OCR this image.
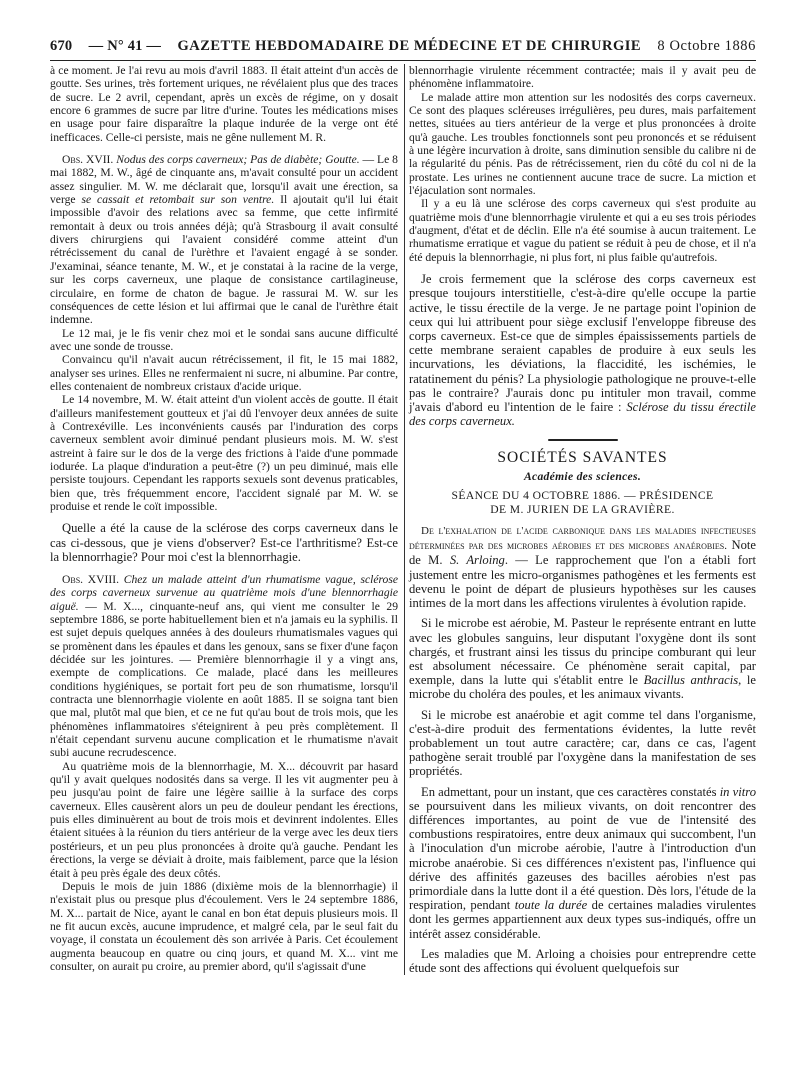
670 — N° 41 — GAZETTE HEBDOMADAIRE DE MÉDECINE ET DE CHIRURGIE 8 Octobre 1886

à ce moment. Je l'ai revu au mois d'avril 1883. Il était atteint d'un accès de goutte. Ses urines, très fortement uriques, ne révélaient plus que des traces de sucre. Le 2 avril, cependant, après un excès de régime, on y dosait encore 6 grammes de sucre par litre d'urine. Toutes les médications mises en usage pour faire disparaître la plaque indurée de la verge ont été inefficaces. Celle-ci persiste, mais ne gêne nullement M. R.

Obs. XVII. Nodus des corps caverneux; Pas de diabète; Goutte. — Le 8 mai 1882, M. W., âgé de cinquante ans, m'avait consulté pour un accident assez singulier. M. W. me déclarait que, lorsqu'il avait une érection, sa verge se cassait et retombait sur son ventre. Il ajoutait qu'il lui était impossible d'avoir des relations avec sa femme, que cette infirmité remontait à deux ou trois années déjà; qu'à Strasbourg il avait consulté divers chirurgiens qui l'avaient considéré comme atteint d'un rétrécissement du canal de l'urèthre et l'avaient engagé à se sonder. J'examinai, séance tenante, M. W., et je constatai à la racine de la verge, sur les corps caverneux, une plaque de consistance cartilagineuse, circulaire, en forme de chaton de bague. Je rassurai M. W. sur les conséquences de cette lésion et lui affirmai que le canal de l'urèthre était indemne.

Le 12 mai, je le fis venir chez moi et le sondai sans aucune difficulté avec une sonde de trousse.

Convaincu qu'il n'avait aucun rétrécissement, il fit, le 15 mai 1882, analyser ses urines. Elles ne renfermaient ni sucre, ni albumine. Par contre, elles contenaient de nombreux cristaux d'acide urique.

Le 14 novembre, M. W. était atteint d'un violent accès de goutte. Il était d'ailleurs manifestement goutteux et j'ai dû l'envoyer deux années de suite à Contrexéville. Les inconvénients causés par l'induration des corps caverneux semblent avoir diminué pendant plusieurs mois. M. W. s'est astreint à faire sur le dos de la verge des frictions à l'aide d'une pommade iodurée. La plaque d'induration a peut-être (?) un peu diminué, mais elle persiste toujours. Cependant les rapports sexuels sont devenus praticables, bien que, très fréquemment encore, l'accident signalé par M. W. se produise et rende le coït impossible.

Quelle a été la cause de la sclérose des corps caverneux dans le cas ci-dessous, que je viens d'observer? Est-ce l'arthritisme? Est-ce la blennorrhagie? Pour moi c'est la blennorrhagie.

Obs. XVIII. Chez un malade atteint d'un rhumatisme vague, sclérose des corps caverneux survenue au quatrième mois d'une blennorrhagie aiguë. — M. X..., cinquante-neuf ans, qui vient me consulter le 29 septembre 1886, se porte habituellement bien et n'a jamais eu la syphilis. Il est sujet depuis quelques années à des douleurs rhumatismales vagues qui se promènent dans les épaules et dans les genoux, sans se fixer d'une façon décidée sur les jointures. — Première blennorrhagie il y a vingt ans, exempte de complications. Ce malade, placé dans les meilleures conditions hygiéniques, se portait fort peu de son rhumatisme, lorsqu'il contracta une blennorrhagie violente en août 1885. Il se soigna tant bien que mal, plutôt mal que bien, et ce ne fut qu'au bout de trois mois, que les phénomènes inflammatoires s'éteignirent à peu près complètement. Il n'était cependant survenu aucune complication et le rhumatisme n'avait subi aucune recrudescence.

Au quatrième mois de la blennorrhagie, M. X... découvrit par hasard qu'il y avait quelques nodosités dans sa verge. Il les vit augmenter peu à peu jusqu'au point de faire une légère saillie à la surface des corps caverneux. Elles causèrent alors un peu de douleur pendant les érections, puis elles diminuèrent au bout de trois mois et devinrent indolentes. Elles étaient situées à la réunion du tiers antérieur de la verge avec les deux tiers postérieurs, et un peu plus prononcées à droite qu'à gauche. Pendant les érections, la verge se déviait à droite, mais faiblement, parce que la lésion était à peu près égale des deux côtés.

Depuis le mois de juin 1886 (dixième mois de la blennorrhagie) il n'existait plus ou presque plus d'écoulement. Vers le 24 septembre 1886, M. X... partait de Nice, ayant le canal en bon état depuis plusieurs mois. Il ne fit aucun excès, aucune imprudence, et malgré cela, par le seul fait du voyage, il constata un écoulement dès son arrivée à Paris. Cet écoulement augmenta beaucoup en quatre ou cinq jours, et quand M. X... vint me consulter, on aurait pu croire, au premier abord, qu'il s'agissait d'une

blennorrhagie virulente récemment contractée; mais il y avait peu de phénomène inflammatoire.

Le malade attire mon attention sur les nodosités des corps caverneux. Ce sont des plaques scléreuses irrégulières, peu dures, mais parfaitement nettes, situées au tiers antérieur de la verge et plus prononcées à droite qu'à gauche. Les troubles fonctionnels sont peu prononcés et se réduisent à une légère incurvation à droite, sans diminution sensible du calibre ni de la régularité du pénis. Pas de rétrécissement, rien du côté du col ni de la prostate. Les urines ne contiennent aucune trace de sucre. La miction et l'éjaculation sont normales.

Il y a eu là une sclérose des corps caverneux qui s'est produite au quatrième mois d'une blennorrhagie virulente et qui a eu ses trois périodes d'augment, d'état et de déclin. Elle n'a été soumise à aucun traitement. Le rhumatisme erratique et vague du patient se réduit à peu de chose, et il n'a été depuis la blennorrhagie, ni plus fort, ni plus faible qu'autrefois.

Je crois fermement que la sclérose des corps caverneux est presque toujours interstitielle, c'est-à-dire qu'elle occupe la partie active, le tissu érectile de la verge. Je ne partage point l'opinion de ceux qui lui attribuent pour siège exclusif l'enveloppe fibreuse des corps caverneux. Est-ce que de simples épaississements partiels de cette membrane seraient capables de produire à eux seuls les incurvations, les déviations, la flaccidité, les ischémies, le ratatinement du pénis? La physiologie pathologique ne prouve-t-elle pas le contraire? J'aurais donc pu intituler mon travail, comme j'avais d'abord eu l'intention de le faire : Sclérose du tissu érectile des corps caverneux.

SOCIÉTÉS SAVANTES
Académie des sciences.
SÉANCE DU 4 OCTOBRE 1886. — PRÉSIDENCE
DE M. JURIEN DE LA GRAVIÈRE.

De l'exhalation de l'acide carbonique dans les maladies infectieuses déterminées par des microbes aérobies et des microbes anaérobies. Note de M. S. Arloing. — Le rapprochement que l'on a établi fort justement entre les micro-organismes pathogènes et les ferments est devenu le point de départ de plusieurs hypothèses sur les causes intimes de la mort dans les affections virulentes à évolution rapide.

Si le microbe est aérobie, M. Pasteur le représente entrant en lutte avec les globules sanguins, leur disputant l'oxygène dont ils sont chargés, et frustrant ainsi les tissus du principe comburant qui leur est absolument nécessaire. Ce phénomène serait capital, par exemple, dans la lutte qui s'établit entre le Bacillus anthracis, le microbe du choléra des poules, et les animaux vivants.

Si le microbe est anaérobie et agit comme tel dans l'organisme, c'est-à-dire produit des fermentations évidentes, la lutte revêt probablement un tout autre caractère; car, dans ce cas, l'agent pathogène serait troublé par l'oxygène dans la manifestation de ses propriétés.

En admettant, pour un instant, que ces caractères constatés in vitro se poursuivent dans les milieux vivants, on doit rencontrer des différences importantes, au point de vue de l'intensité des combustions respiratoires, entre deux animaux qui succombent, l'un à l'inoculation d'un microbe aérobie, l'autre à l'introduction d'un microbe anaérobie. Si ces différences n'existent pas, l'influence qui dérive des affinités gazeuses des bacilles aérobies n'est pas primordiale dans la lutte dont il a été question. Dès lors, l'étude de la respiration, pendant toute la durée de certaines maladies virulentes dont les germes appartiennent aux deux types sus-indiqués, offre un intérêt assez considérable.

Les maladies que M. Arloing a choisies pour entreprendre cette étude sont des affections qui évoluent quelquefois sur
